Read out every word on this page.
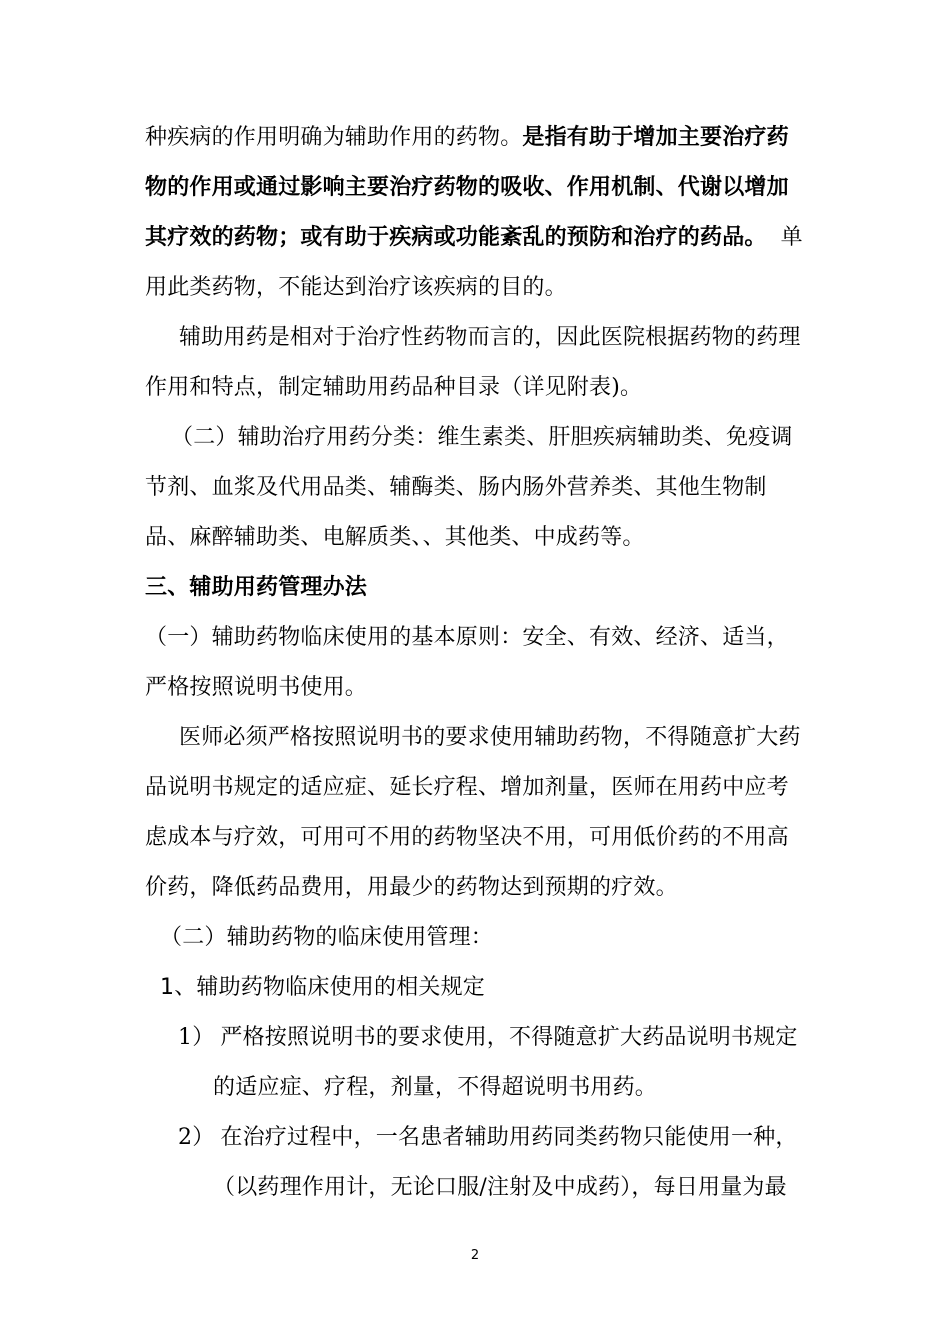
种疾病的作用明确为辅助作用的药物。是指有助于增加主要治疗药
物的作用或通过影响主要治疗药物的吸收、作用机制、代谢以增加
其疗效的药物；或有助于疾病或功能紊乱的预防和治疗的药品。 单
用此类药物，不能达到治疗该疾病的目的。
辅助用药是相对于治疗性药物而言的，因此医院根据药物的药理
作用和特点，制定辅助用药品种目录（详见附表)。
（二）辅助治疗用药分类：维生素类、肝胆疾病辅助类、免疫调
节剂、血浆及代用品类、辅酶类、肠内肠外营养类、其他生物制
品、麻醉辅助类、电解质类、、其他类、中成药等。
三、辅助用药管理办法
（一）辅助药物临床使用的基本原则：安全、有效、经济、适当，
严格按照说明书使用。
医师必须严格按照说明书的要求使用辅助药物，不得随意扩大药
品说明书规定的适应症、延长疗程、增加剂量，医师在用药中应考
虑成本与疗效，可用可不用的药物坚决不用，可用低价药的不用高
价药，降低药品费用，用最少的药物达到预期的疗效。
（二）辅助药物的临床使用管理：
1、辅助药物临床使用的相关规定
1） 严格按照说明书的要求使用，不得随意扩大药品说明书规定
的适应症、疗程，剂量，不得超说明书用药。
2） 在治疗过程中，一名患者辅助用药同类药物只能使用一种，
（以药理作用计，无论口服/注射及中成药），每日用量为最
2
